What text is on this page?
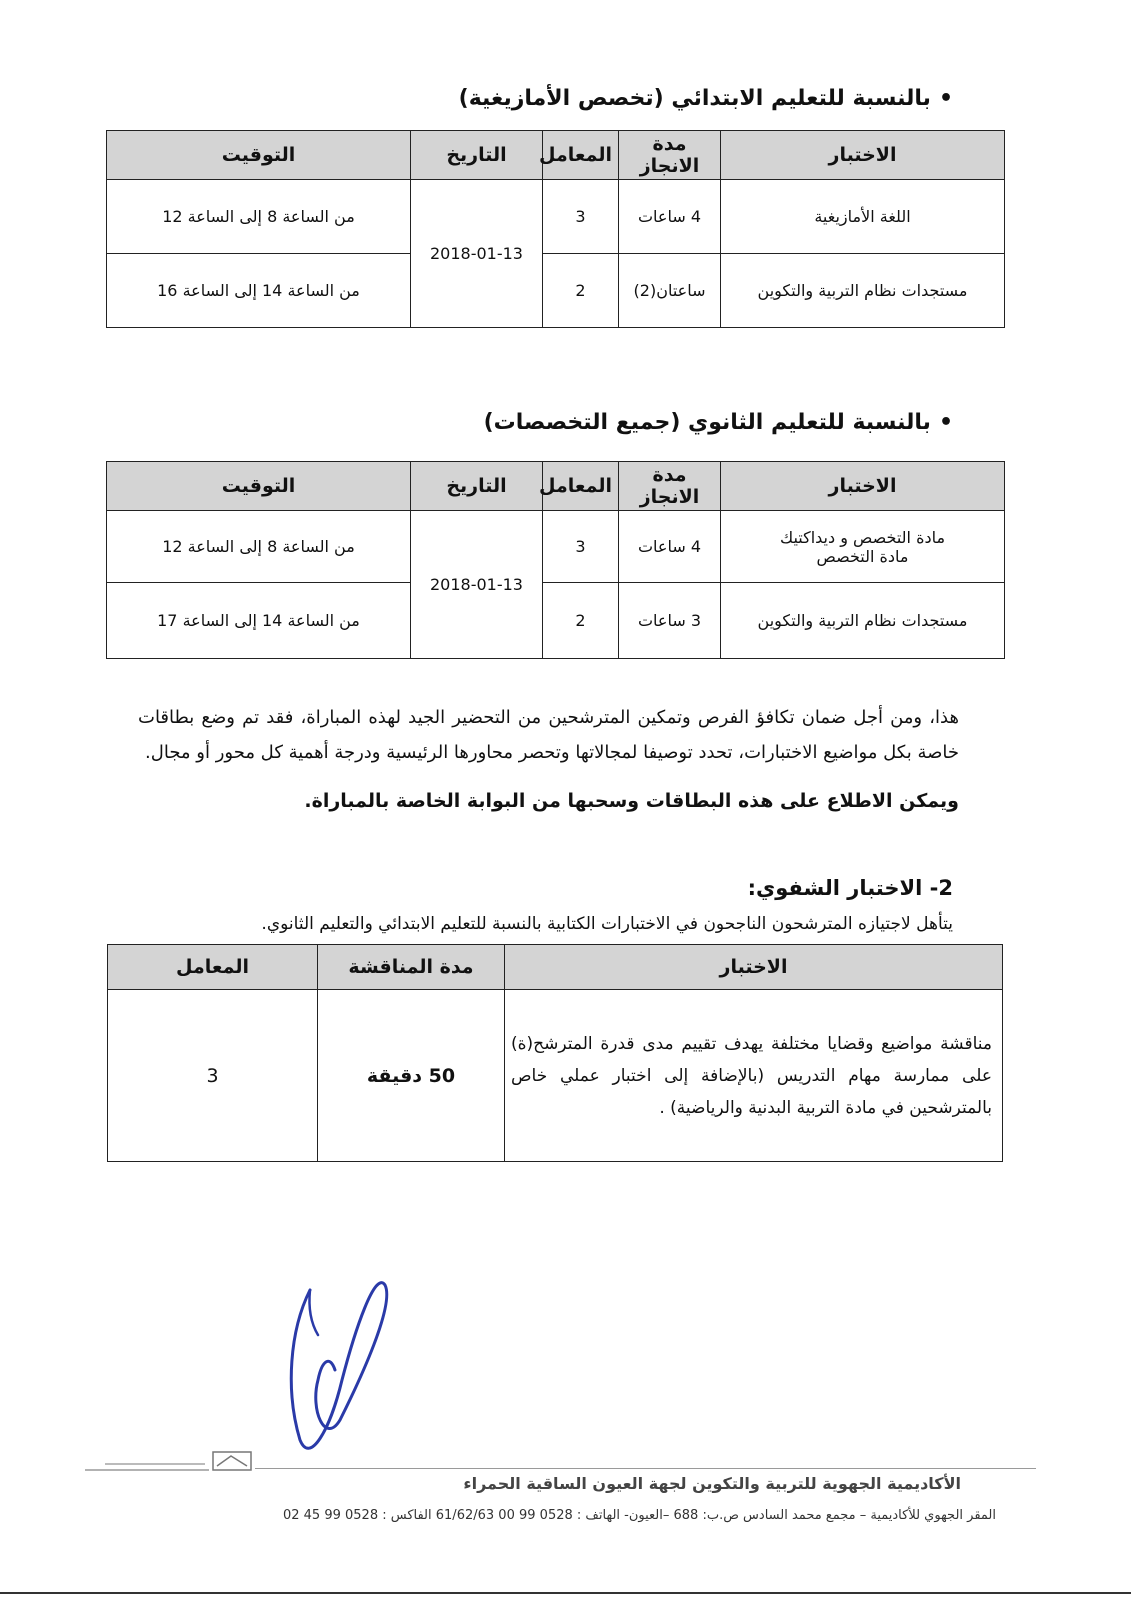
•بالنسبة للتعليم الابتدائي (تخصص الأمازيغية)
الاختبار	مدة الانجاز	المعامل	التاريخ	التوقيت
اللغة الأمازيغية	4 ساعات	3	2018-01-13	من الساعة 8 إلى الساعة 12
مستجدات نظام التربية والتكوين	ساعتان(2)	2		من الساعة 14 إلى الساعة 16
•بالنسبة للتعليم الثانوي (جميع التخصصات)
الاختبار	مدة الانجاز	المعامل	التاريخ	التوقيت

مادة التخصص و ديداكتيك
مادة التخصص	4 ساعات	3	2018-01-13	من الساعة 8 إلى الساعة 12
مستجدات نظام التربية والتكوين	3 ساعات	2		من الساعة 14 إلى الساعة 17
هذا، ومن أجل ضمان تكافؤ الفرص وتمكين المترشحين من التحضير الجيد لهذه المباراة، فقد تم وضع بطاقات خاصة بكل مواضيع الاختبارات، تحدد توصيفا لمجالاتها وتحصر محاورها الرئيسية ودرجة أهمية كل محور أو مجال.
ويمكن الاطلاع على هذه البطاقات وسحبها من البوابة الخاصة بالمباراة.
2- الاختبار الشفوي:
يتأهل لاجتيازه المترشحون الناجحون في الاختبارات الكتابية بالنسبة للتعليم الابتدائي والتعليم الثانوي.
الاختبار	مدة المناقشة	المعامل

مناقشة مواضيع وقضايا مختلفة يهدف تقييم مدى قدرة المترشح(ة) على ممارسة مهام التدريس (بالإضافة إلى اختبار عملي خاص بالمترشحين في مادة التربية البدنية والرياضية) .	50 دقيقة	3
الأكاديمية الجهوية للتربية والتكوين لجهة العيون الساقية الحمراء
المقر الجهوي للأكاديمية – مجمع محمد السادس ص.ب: 688 –العيون- الهاتف : 0528 99 00 61/62/63 الفاكس : 0528 99 45 02
